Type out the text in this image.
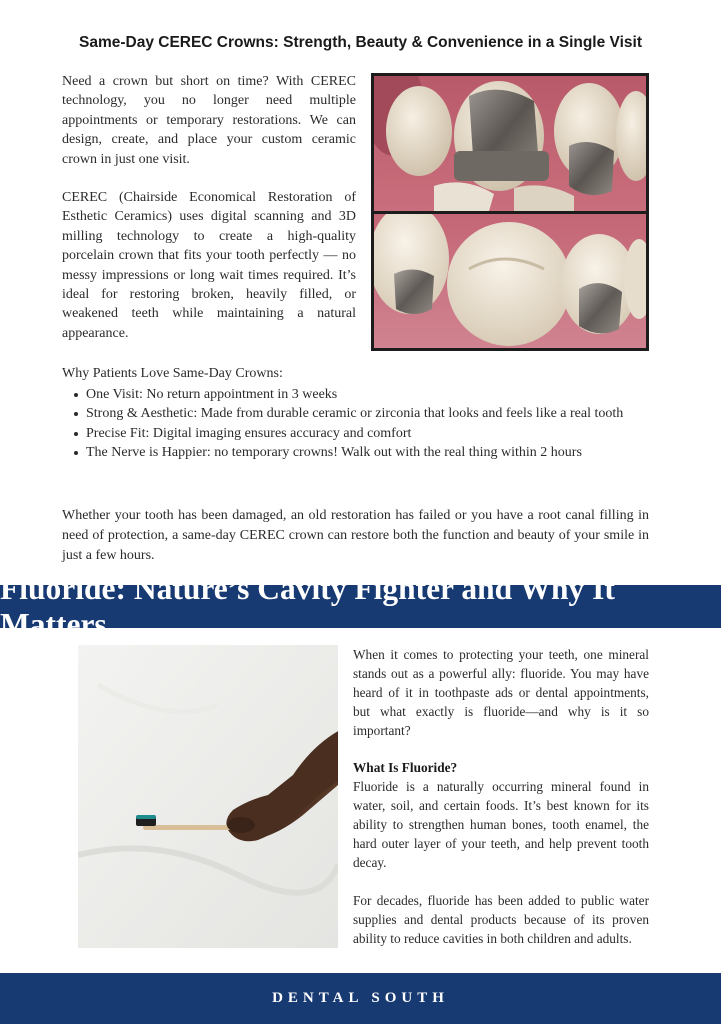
Same-Day CEREC Crowns: Strength, Beauty & Convenience in a Single Visit

Need a crown but short on time? With CEREC technology, you no longer need multiple appointments or temporary restorations. We can design, create, and place your custom ceramic crown in just one visit.

CEREC (Chairside Economical Restoration of Esthetic Ceramics) uses digital scanning and 3D milling technology to create a high-quality porcelain crown that fits your tooth perfectly — no messy impressions or long wait times required. It’s ideal for restoring broken, heavily filled, or weakened teeth while maintaining a natural appearance.

Why Patients Love Same-Day Crowns:

One Visit: No return appointment in 3 weeks
Strong & Aesthetic: Made from durable ceramic or zirconia that looks and feels like a real tooth
Precise Fit: Digital imaging ensures accuracy and comfort
The Nerve is Happier: no temporary crowns! Walk out with the real thing within 2 hours

Whether your tooth has been damaged, an old restoration has failed or you have a root canal filling in need of protection, a same-day CEREC crown can restore both the function and beauty of your smile in just a few hours.

Fluoride: Nature’s Cavity Fighter and Why It Matters

When it comes to protecting your teeth, one mineral stands out as a powerful ally: fluoride. You may have heard of it in toothpaste ads or dental appointments, but what exactly is fluoride—and why is it so important?

What Is Fluoride?

Fluoride is a naturally occurring mineral found in water, soil, and certain foods. It’s best known for its ability to strengthen human bones, tooth enamel, the hard outer layer of your teeth, and help prevent tooth decay.

For decades, fluoride has been added to public water supplies and dental products because of its proven ability to reduce cavities in both children and adults.

DENTAL SOUTH
